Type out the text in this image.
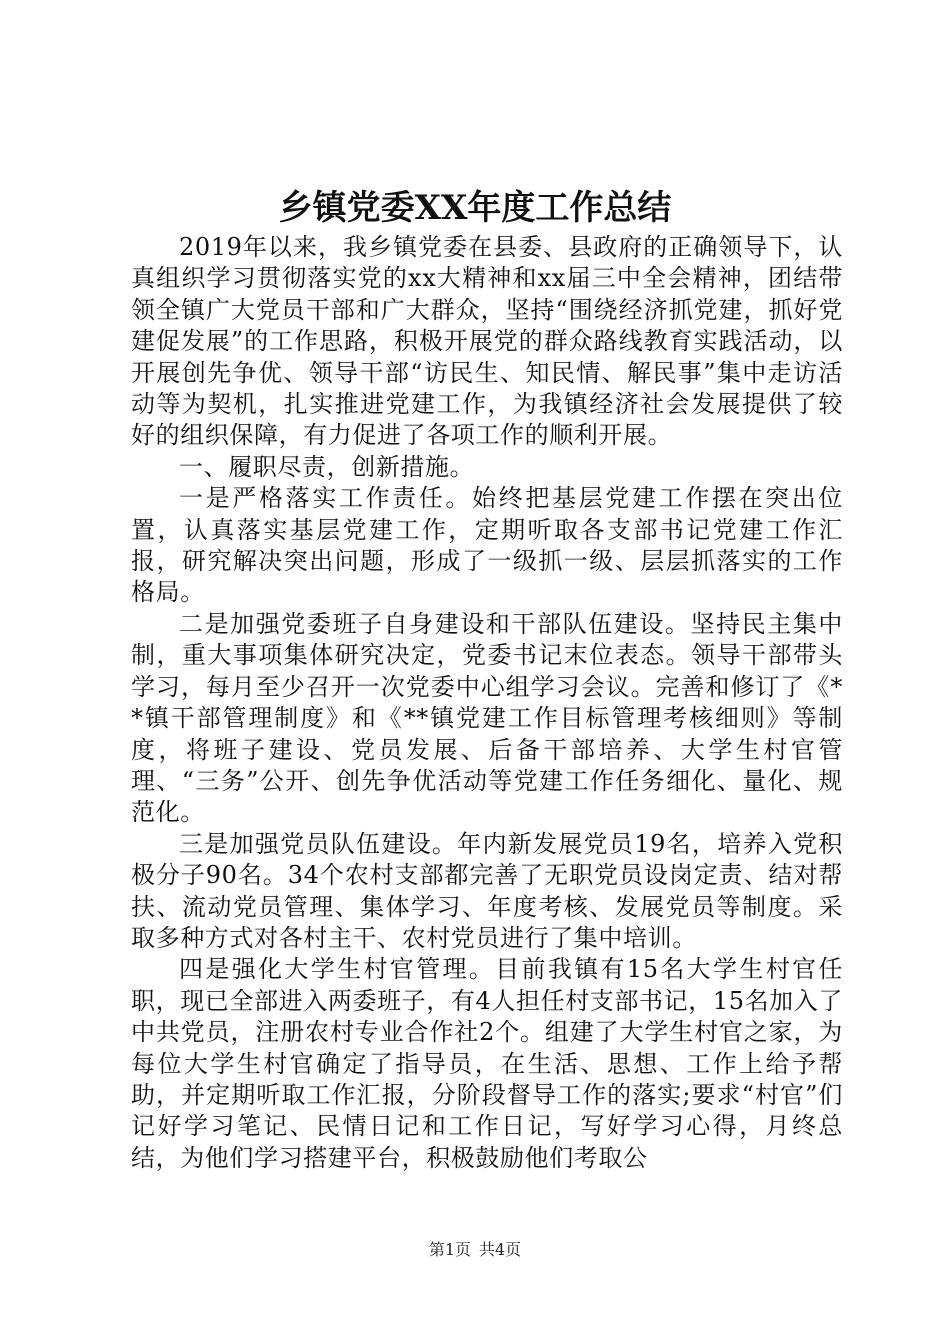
乡镇党委XX年度工作总结

2019年以来，我乡镇党委在县委、县政府的正确领导下，认真组织学习贯彻落实党的xx大精神和xx届三中全会精神，团结带领全镇广大党员干部和广大群众，坚持“围绕经济抓党建，抓好党建促发展”的工作思路，积极开展党的群众路线教育实践活动，以开展创先争优、领导干部“访民生、知民情、解民事”集中走访活动等为契机，扎实推进党建工作，为我镇经济社会发展提供了较好的组织保障，有力促进了各项工作的顺利开展。

一、履职尽责，创新措施。

一是严格落实工作责任。始终把基层党建工作摆在突出位置，认真落实基层党建工作，定期听取各支部书记党建工作汇报，研究解决突出问题，形成了一级抓一级、层层抓落实的工作格局。

二是加强党委班子自身建设和干部队伍建设。坚持民主集中制，重大事项集体研究决定，党委书记末位表态。领导干部带头学习，每月至少召开一次党委中心组学习会议。完善和修订了《**镇干部管理制度》和《**镇党建工作目标管理考核细则》等制度，将班子建设、党员发展、后备干部培养、大学生村官管理、“三务”公开、创先争优活动等党建工作任务细化、量化、规范化。

三是加强党员队伍建设。年内新发展党员19名，培养入党积极分子90名。34个农村支部都完善了无职党员设岗定责、结对帮扶、流动党员管理、集体学习、年度考核、发展党员等制度。采取多种方式对各村主干、农村党员进行了集中培训。

四是强化大学生村官管理。目前我镇有15名大学生村官任职，现已全部进入两委班子，有4人担任村支部书记，15名加入了中共党员，注册农村专业合作社2个。组建了大学生村官之家，为每位大学生村官确定了指导员，在生活、思想、工作上给予帮助，并定期听取工作汇报，分阶段督导工作的落实;要求“村官”们记好学习笔记、民情日记和工作日记，写好学习心得，月终总结，为他们学习搭建平台，积极鼓励他们考取公

第1页 共4页
